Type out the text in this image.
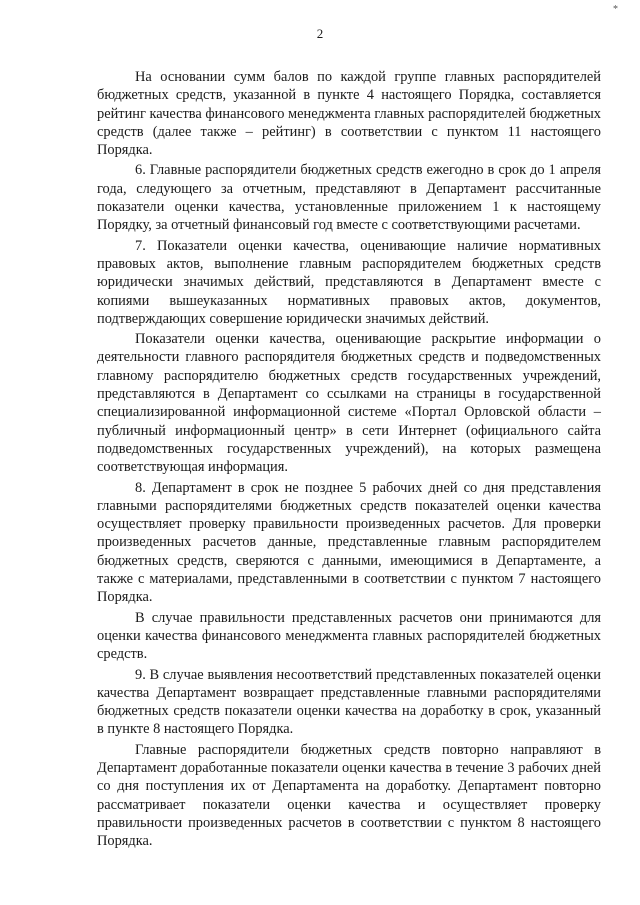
*
2

На основании сумм балов по каждой группе главных распорядителей бюджетных средств, указанной в пункте 4 настоящего Порядка, составляется рейтинг качества финансового менеджмента главных распорядителей бюджетных средств (далее также – рейтинг) в соответствии с пунктом 11 настоящего Порядка.

6. Главные распорядители бюджетных средств ежегодно в срок до 1 апреля года, следующего за отчетным, представляют в Департамент рассчитанные показатели оценки качества, установленные приложением 1 к настоящему Порядку, за отчетный финансовый год вместе с соответствующими расчетами.

7. Показатели оценки качества, оценивающие наличие нормативных правовых актов, выполнение главным распорядителем бюджетных средств юридически значимых действий, представляются в Департамент вместе с копиями вышеуказанных нормативных правовых актов, документов, подтверждающих совершение юридически значимых действий.

Показатели оценки качества, оценивающие раскрытие информации о деятельности главного распорядителя бюджетных средств и подведомственных главному распорядителю бюджетных средств государственных учреждений, представляются в Департамент со ссылками на страницы в государственной специализированной информационной системе «Портал Орловской области – публичный информационный центр» в сети Интернет (официального сайта подведомственных государственных учреждений), на которых размещена соответствующая информация.

8. Департамент в срок не позднее 5 рабочих дней со дня представления главными распорядителями бюджетных средств показателей оценки качества осуществляет проверку правильности произведенных расчетов. Для проверки произведенных расчетов данные, представленные главным распорядителем бюджетных средств, сверяются с данными, имеющимися в Департаменте, а также с материалами, представленными в соответствии с пунктом 7 настоящего Порядка.

В случае правильности представленных расчетов они принимаются для оценки качества финансового менеджмента главных распорядителей бюджетных средств.

9. В случае выявления несоответствий представленных показателей оценки качества Департамент возвращает представленные главными распорядителями бюджетных средств показатели оценки качества на доработку в срок, указанный в пункте 8 настоящего Порядка.

Главные распорядители бюджетных средств повторно направляют в Департамент доработанные показатели оценки качества в течение 3 рабочих дней со дня поступления их от Департамента на доработку. Департамент повторно рассматривает показатели оценки качества и осуществляет проверку правильности произведенных расчетов в соответствии с пунктом 8 настоящего Порядка.
